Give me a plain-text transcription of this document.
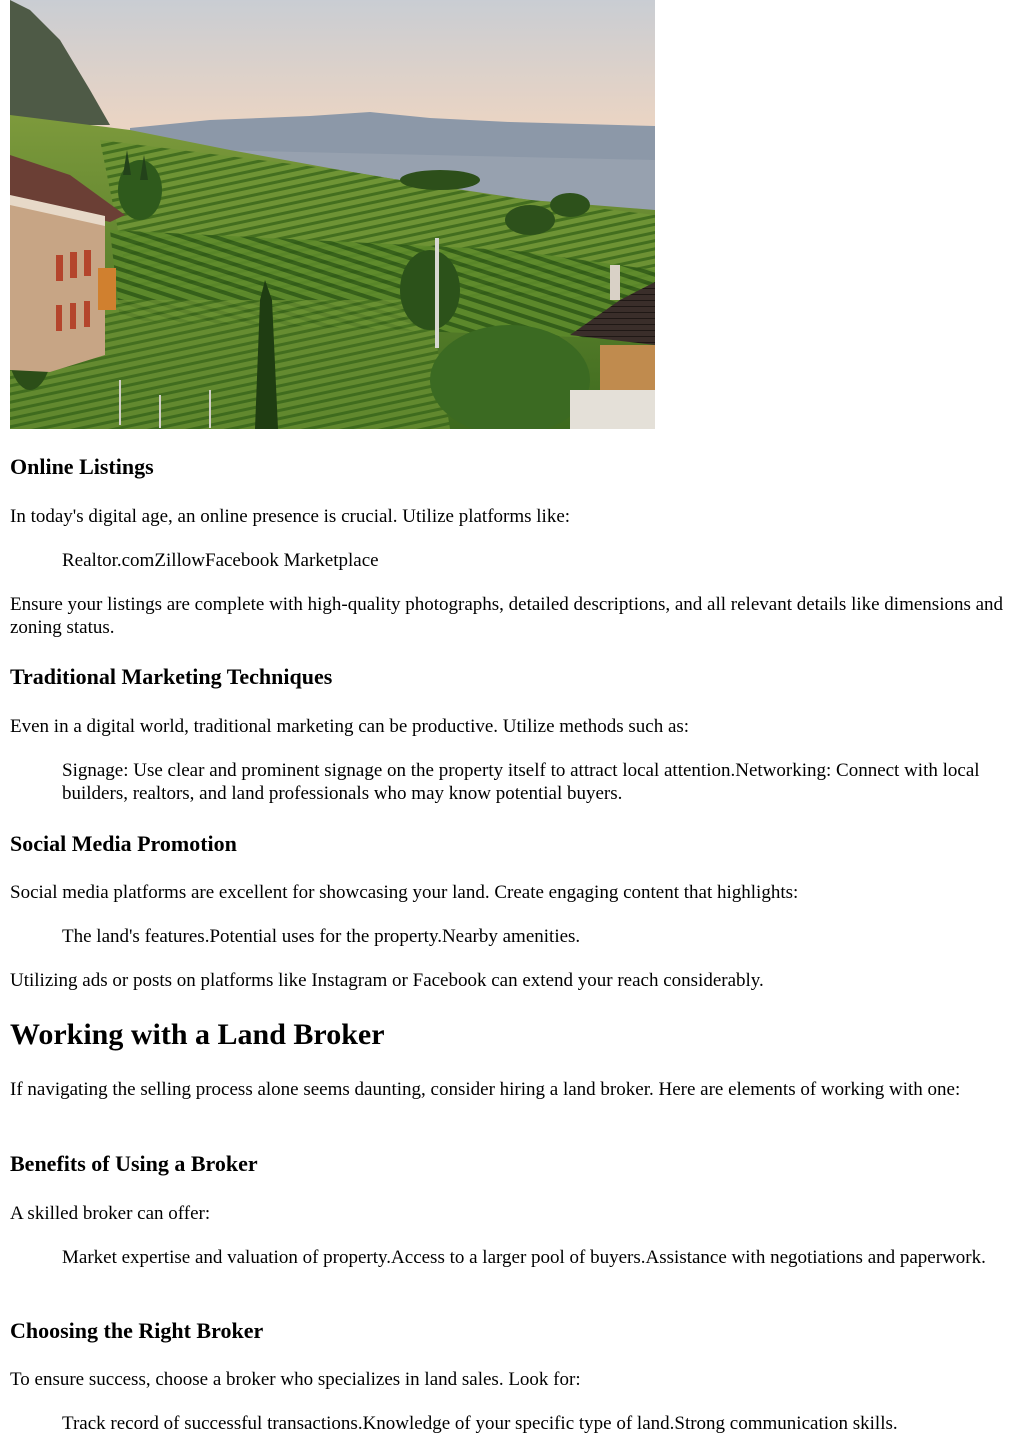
Online Listings

In today's digital age, an online presence is crucial. Utilize platforms like:

Realtor.comZillowFacebook Marketplace

Ensure your listings are complete with high-quality photographs, detailed descriptions, and all relevant details like dimensions and zoning status.

Traditional Marketing Techniques

Even in a digital world, traditional marketing can be productive. Utilize methods such as:

Signage: Use clear and prominent signage on the property itself to attract local attention.Networking: Connect with local builders, realtors, and land professionals who may know potential buyers.

Social Media Promotion

Social media platforms are excellent for showcasing your land. Create engaging content that highlights:

The land's features.Potential uses for the property.Nearby amenities.

Utilizing ads or posts on platforms like Instagram or Facebook can extend your reach considerably.

Working with a Land Broker

If navigating the selling process alone seems daunting, consider hiring a land broker. Here are elements of working with one:

Benefits of Using a Broker

A skilled broker can offer:

Market expertise and valuation of property.Access to a larger pool of buyers.Assistance with negotiations and paperwork.

Choosing the Right Broker

To ensure success, choose a broker who specializes in land sales. Look for:

Track record of successful transactions.Knowledge of your specific type of land.Strong communication skills.
